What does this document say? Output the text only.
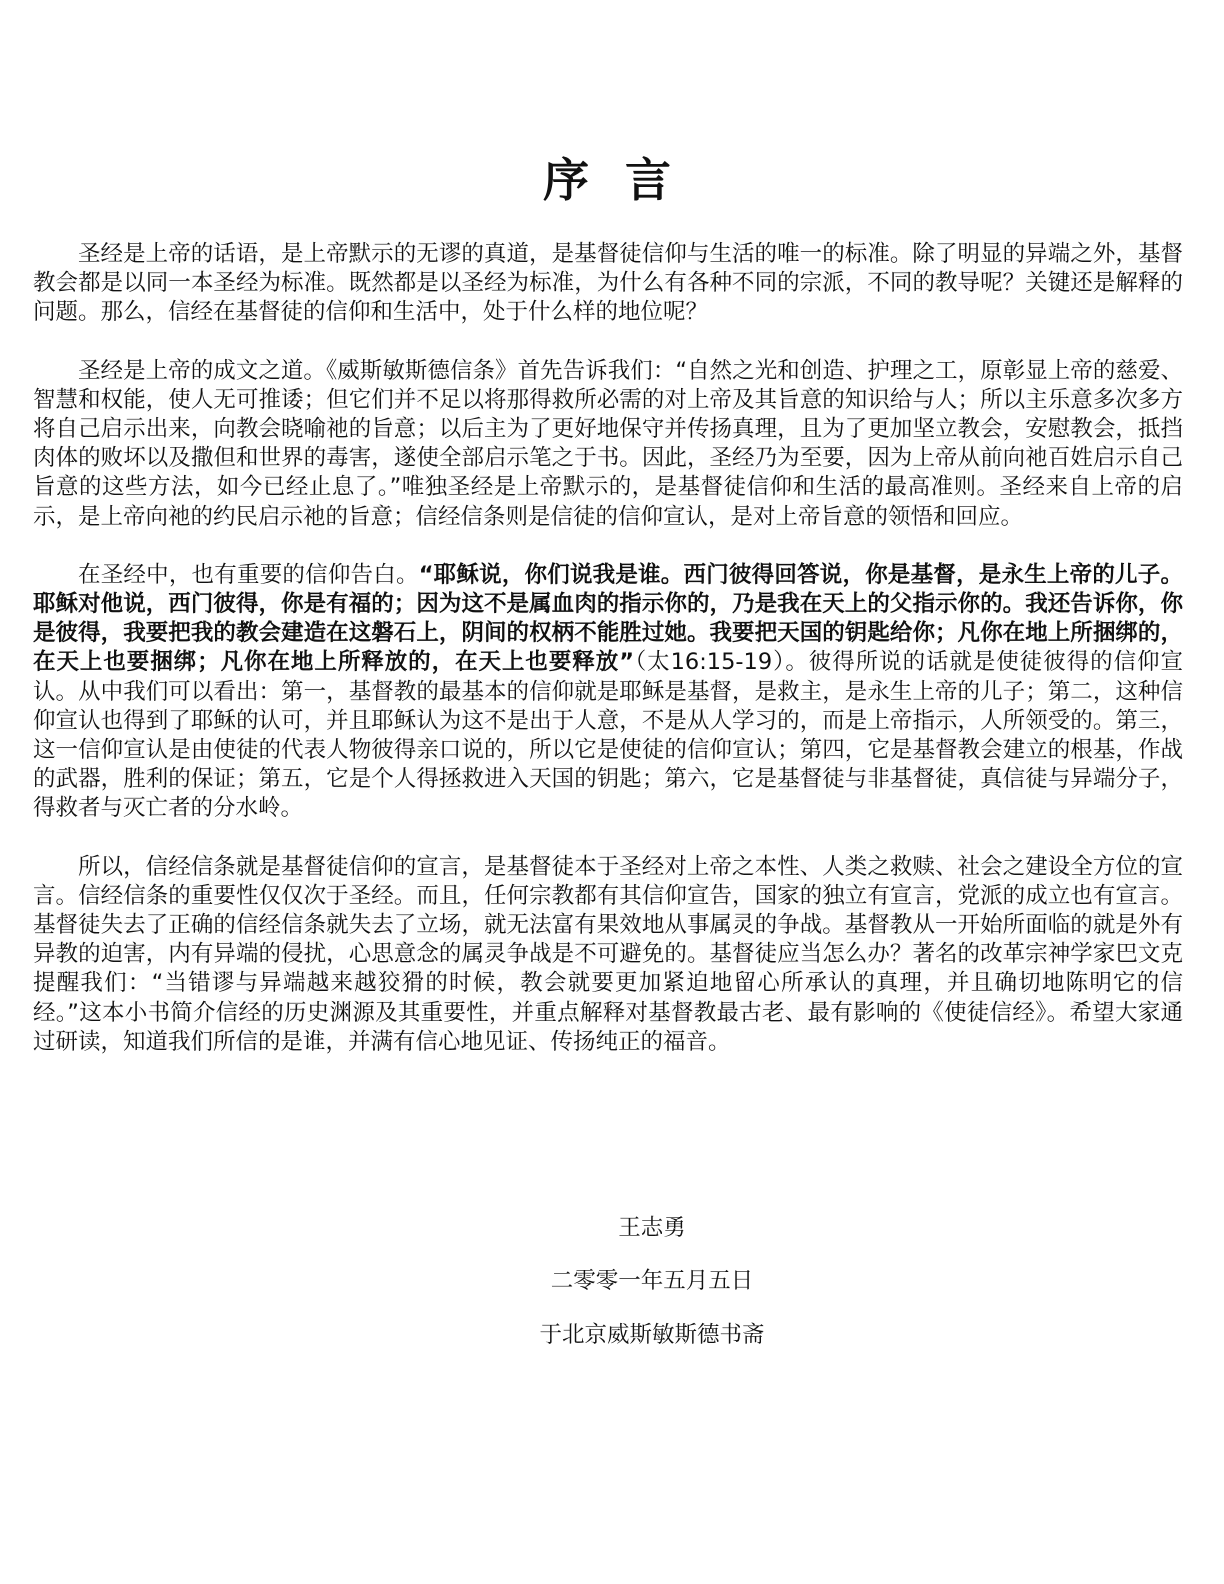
序 言

圣经是上帝的话语，是上帝默示的无谬的真道，是基督徒信仰与生活的唯一的标准。除了明显的异端之外，基督教会都是以同一本圣经为标准。既然都是以圣经为标准，为什么有各种不同的宗派，不同的教导呢？关键还是解释的问题。那么，信经在基督徒的信仰和生活中，处于什么样的地位呢？

圣经是上帝的成文之道。《威斯敏斯德信条》首先告诉我们：“自然之光和创造、护理之工，原彰显上帝的慈爱、智慧和权能，使人无可推诿；但它们并不足以将那得救所必需的对上帝及其旨意的知识给与人；所以主乐意多次多方将自己启示出来，向教会晓喻祂的旨意；以后主为了更好地保守并传扬真理，且为了更加坚立教会，安慰教会，抵挡肉体的败坏以及撒但和世界的毒害，遂使全部启示笔之于书。因此，圣经乃为至要，因为上帝从前向祂百姓启示自己旨意的这些方法，如今已经止息了。”唯独圣经是上帝默示的，是基督徒信仰和生活的最高准则。圣经来自上帝的启示，是上帝向祂的约民启示祂的旨意；信经信条则是信徒的信仰宣认，是对上帝旨意的领悟和回应。

在圣经中，也有重要的信仰告白。“耶稣说，你们说我是谁。西门彼得回答说，你是基督，是永生上帝的儿子。耶稣对他说，西门彼得，你是有福的；因为这不是属血肉的指示你的，乃是我在天上的父指示你的。我还告诉你，你是彼得，我要把我的教会建造在这磐石上，阴间的权柄不能胜过她。我要把天国的钥匙给你；凡你在地上所捆绑的，在天上也要捆绑；凡你在地上所释放的，在天上也要释放”（太16:15-19）。彼得所说的话就是使徒彼得的信仰宣认。从中我们可以看出：第一，基督教的最基本的信仰就是耶稣是基督，是救主，是永生上帝的儿子；第二，这种信仰宣认也得到了耶稣的认可，并且耶稣认为这不是出于人意，不是从人学习的，而是上帝指示，人所领受的。第三，这一信仰宣认是由使徒的代表人物彼得亲口说的，所以它是使徒的信仰宣认；第四，它是基督教会建立的根基，作战的武器，胜利的保证；第五，它是个人得拯救进入天国的钥匙；第六，它是基督徒与非基督徒，真信徒与异端分子，得救者与灭亡者的分水岭。

所以，信经信条就是基督徒信仰的宣言，是基督徒本于圣经对上帝之本性、人类之救赎、社会之建设全方位的宣言。信经信条的重要性仅仅次于圣经。而且，任何宗教都有其信仰宣告，国家的独立有宣言，党派的成立也有宣言。基督徒失去了正确的信经信条就失去了立场，就无法富有果效地从事属灵的争战。基督教从一开始所面临的就是外有异教的迫害，内有异端的侵扰，心思意念的属灵争战是不可避免的。基督徒应当怎么办？著名的改革宗神学家巴文克提醒我们：“当错谬与异端越来越狡猾的时候，教会就要更加紧迫地留心所承认的真理，并且确切地陈明它的信经。”这本小书简介信经的历史渊源及其重要性，并重点解释对基督教最古老、最有影响的《使徒信经》。希望大家通过研读，知道我们所信的是谁，并满有信心地见证、传扬纯正的福音。

王志勇
二零零一年五月五日
于北京威斯敏斯德书斋
